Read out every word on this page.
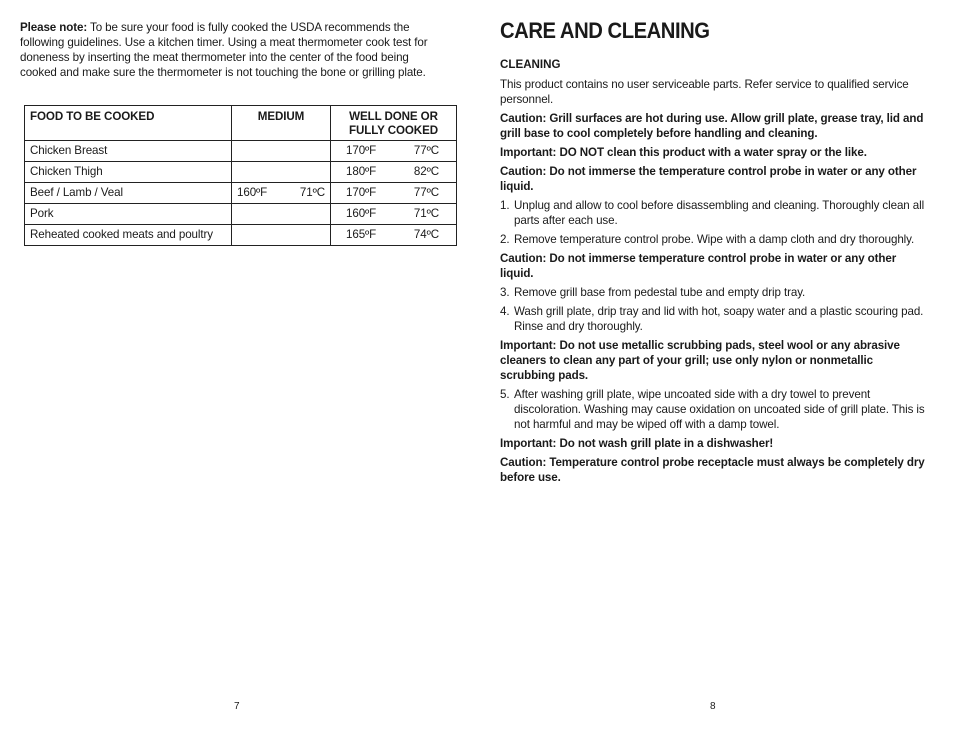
Please note: To be sure your food is fully cooked the USDA recommends the following guidelines. Use a kitchen timer. Using a meat thermometer cook test for doneness by inserting the meat thermometer into the center of the food being cooked and make sure the thermometer is not touching the bone or grilling plate.
FOOD TO BE COOKED	MEDIUM	WELL DONE OR FULLY COOKED
Chicken Breast		170ºF 77ºC

Chicken Thigh		180ºF 82ºC

Beef / Lamb / Veal	160ºF 71ºC	170ºF 77ºC

Pork		160ºF 71ºC

Reheated cooked meats and poultry		165ºF 74ºC
7
CARE AND CLEANING
CLEANING
This product contains no user serviceable parts. Refer service to qualified service personnel.
Caution: Grill surfaces are hot during use. Allow grill plate, grease tray, lid and grill base to cool completely before handling and cleaning.
Important: DO NOT clean this product with a water spray or the like.
Caution: Do not immerse the temperature control probe in water or any other liquid.
1. Unplug and allow to cool before disassembling and cleaning. Thoroughly clean all parts after each use.
2. Remove temperature control probe. Wipe with a damp cloth and dry thoroughly.
Caution: Do not immerse temperature control probe in water or any other liquid.
3. Remove grill base from pedestal tube and empty drip tray.
4. Wash grill plate, drip tray and lid with hot, soapy water and a plastic scouring pad. Rinse and dry thoroughly.
Important: Do not use metallic scrubbing pads, steel wool or any abrasive cleaners to clean any part of your grill; use only nylon or nonmetallic scrubbing pads.
5. After washing grill plate, wipe uncoated side with a dry towel to prevent discoloration. Washing may cause oxidation on uncoated side of grill plate. This is not harmful and may be wiped off with a damp towel.
Important: Do not wash grill plate in a dishwasher!
Caution: Temperature control probe receptacle must always be completely dry before use.
8
